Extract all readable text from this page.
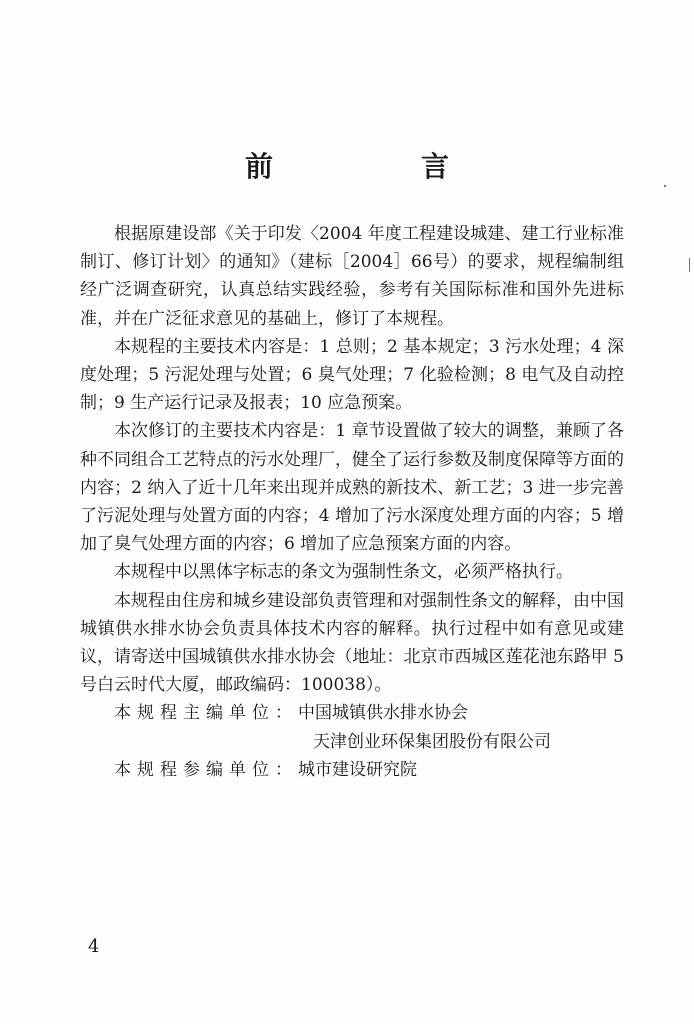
前　言

根据原建设部《关于印发〈2004 年度工程建设城建、建工行业标准制订、修订计划〉的通知》（建标［2004］66号）的要求，规程编制组经广泛调查研究，认真总结实践经验，参考有关国际标准和国外先进标准，并在广泛征求意见的基础上，修订了本规程。

本规程的主要技术内容是：1 总则；2 基本规定；3 污水处理；4 深度处理；5 污泥处理与处置；6 臭气处理；7 化验检测；8 电气及自动控制；9 生产运行记录及报表；10 应急预案。

本次修订的主要技术内容是：1 章节设置做了较大的调整，兼顾了各种不同组合工艺特点的污水处理厂，健全了运行参数及制度保障等方面的内容；2 纳入了近十几年来出现并成熟的新技术、新工艺；3 进一步完善了污泥处理与处置方面的内容；4 增加了污水深度处理方面的内容；5 增加了臭气处理方面的内容；6 增加了应急预案方面的内容。

本规程中以黑体字标志的条文为强制性条文，必须严格执行。

本规程由住房和城乡建设部负责管理和对强制性条文的解释，由中国城镇供水排水协会负责具体技术内容的解释。执行过程中如有意见或建议，请寄送中国城镇供水排水协会（地址：北京市西城区莲花池东路甲 5 号白云时代大厦，邮政编码：100038）。

本规程主编单位：中国城镇供水排水协会
天津创业环保集团股份有限公司
本规程参编单位：城市建设研究院
4
